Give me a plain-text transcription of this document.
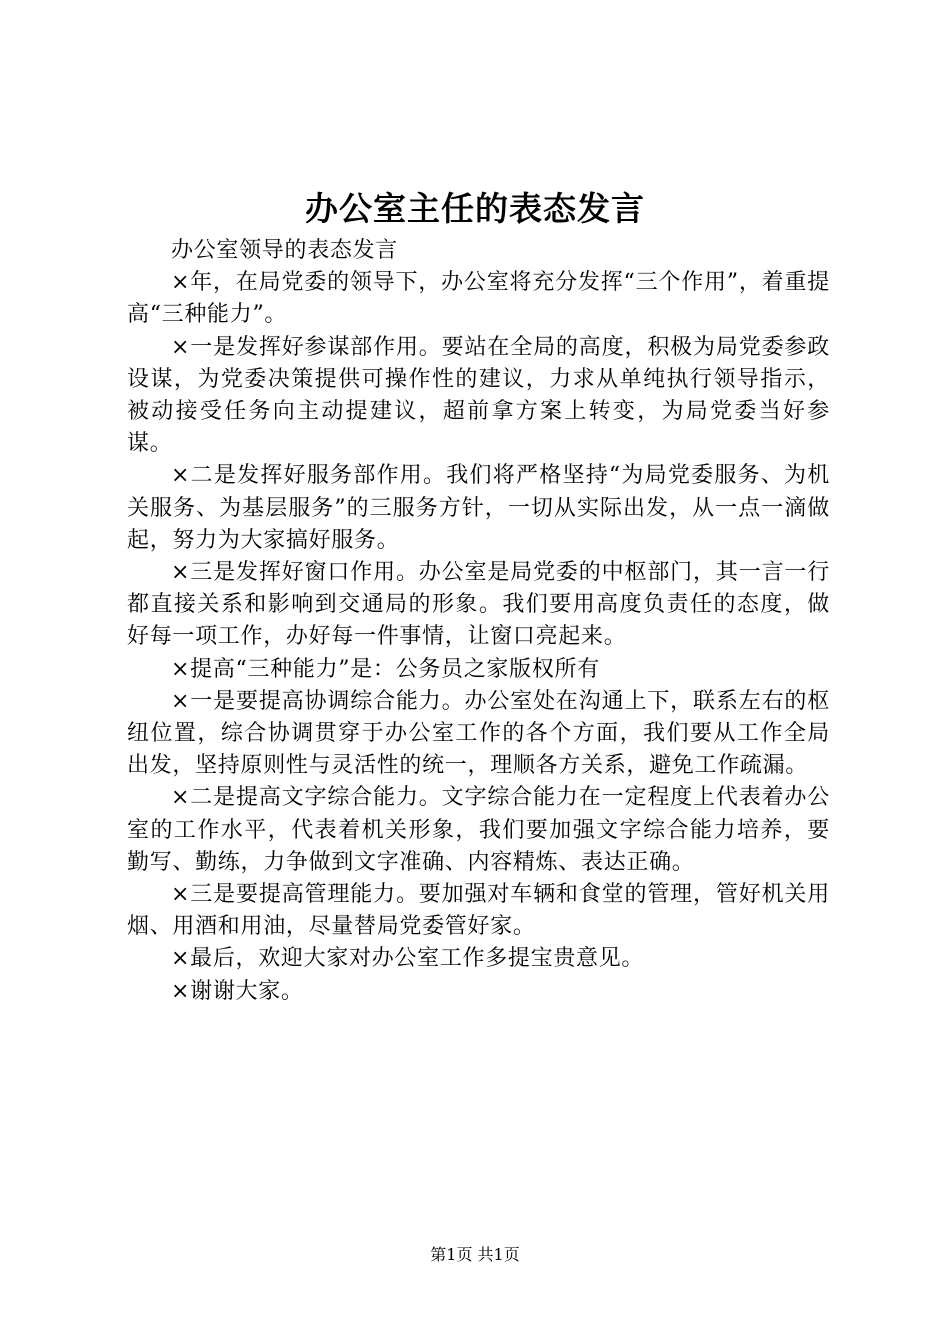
办公室主任的表态发言

办公室领导的表态发言

×年，在局党委的领导下，办公室将充分发挥“三个作用”，着重提高“三种能力”。

×一是发挥好参谋部作用。要站在全局的高度，积极为局党委参政设谋，为党委决策提供可操作性的建议，力求从单纯执行领导指示，被动接受任务向主动提建议，超前拿方案上转变，为局党委当好参谋。

×二是发挥好服务部作用。我们将严格坚持“为局党委服务、为机关服务、为基层服务”的三服务方针，一切从实际出发，从一点一滴做起，努力为大家搞好服务。

×三是发挥好窗口作用。办公室是局党委的中枢部门，其一言一行都直接关系和影响到交通局的形象。我们要用高度负责任的态度，做好每一项工作，办好每一件事情，让窗口亮起来。

×提高“三种能力”是：公务员之家版权所有

×一是要提高协调综合能力。办公室处在沟通上下，联系左右的枢纽位置，综合协调贯穿于办公室工作的各个方面，我们要从工作全局出发，坚持原则性与灵活性的统一，理顺各方关系，避免工作疏漏。

×二是提高文字综合能力。文字综合能力在一定程度上代表着办公室的工作水平，代表着机关形象，我们要加强文字综合能力培养，要勤写、勤练，力争做到文字准确、内容精炼、表达正确。

×三是要提高管理能力。要加强对车辆和食堂的管理，管好机关用烟、用酒和用油，尽量替局党委管好家。

×最后，欢迎大家对办公室工作多提宝贵意见。

×谢谢大家。

第1页 共1页
